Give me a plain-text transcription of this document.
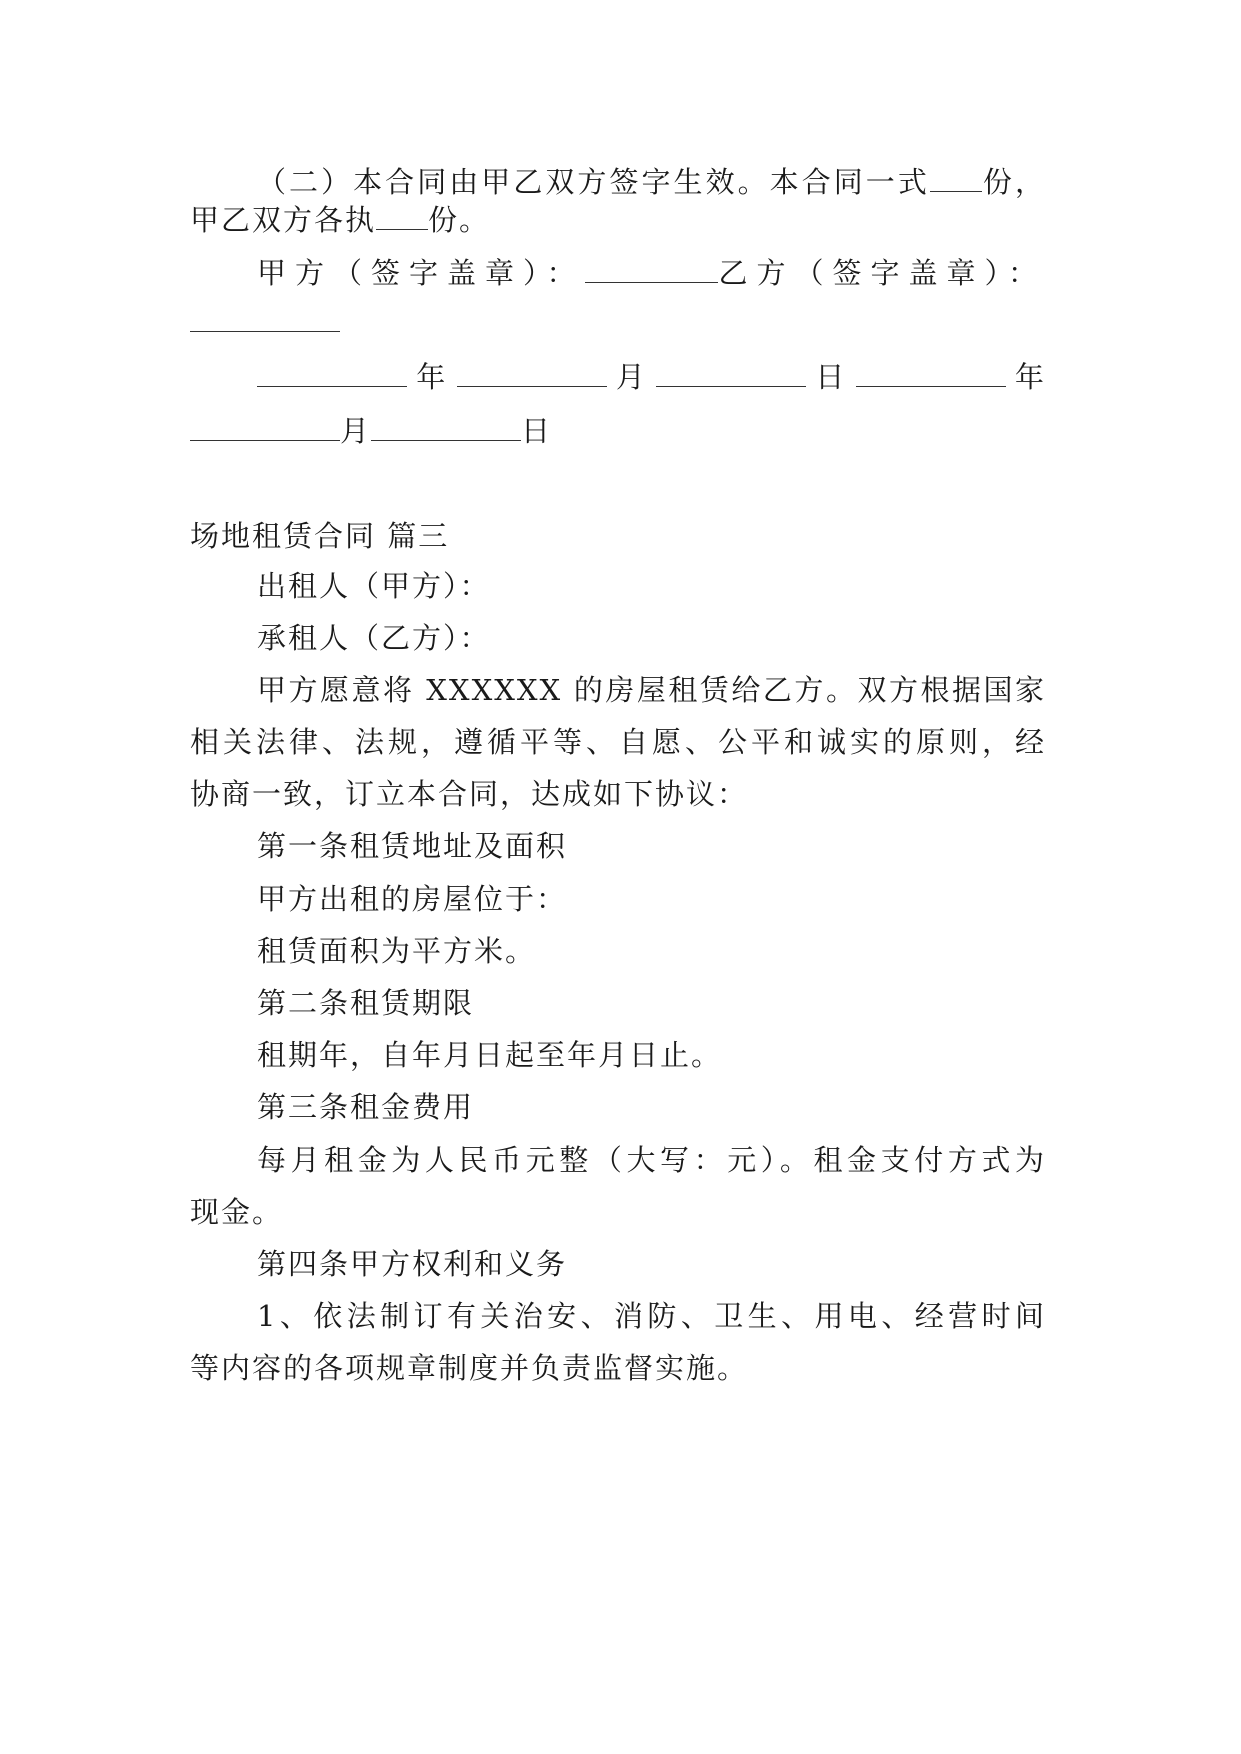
（二）本合同由甲乙双方签字生效。本合同一式 份，
甲乙双方各执 份。
甲方（签字盖章）：	乙方（签字盖章）：
年	月	日	年
月	日
场地租赁合同 篇三
出租人（甲方）：
承租人（乙方）：
甲方愿意将 XXXXXX 的房屋租赁给乙方。双方根据国家
相关法律、法规，遵循平等、自愿、公平和诚实的原则，经
协商一致，订立本合同，达成如下协议：
第一条租赁地址及面积
甲方出租的房屋位于：
租赁面积为平方米。
第二条租赁期限
租期年，自年月日起至年月日止。
第三条租金费用
每月租金为人民币元整（大写：元）。租金支付方式为
现金。
第四条甲方权利和义务
1、依法制订有关治安、消防、卫生、用电、经营时间
等内容的各项规章制度并负责监督实施。
